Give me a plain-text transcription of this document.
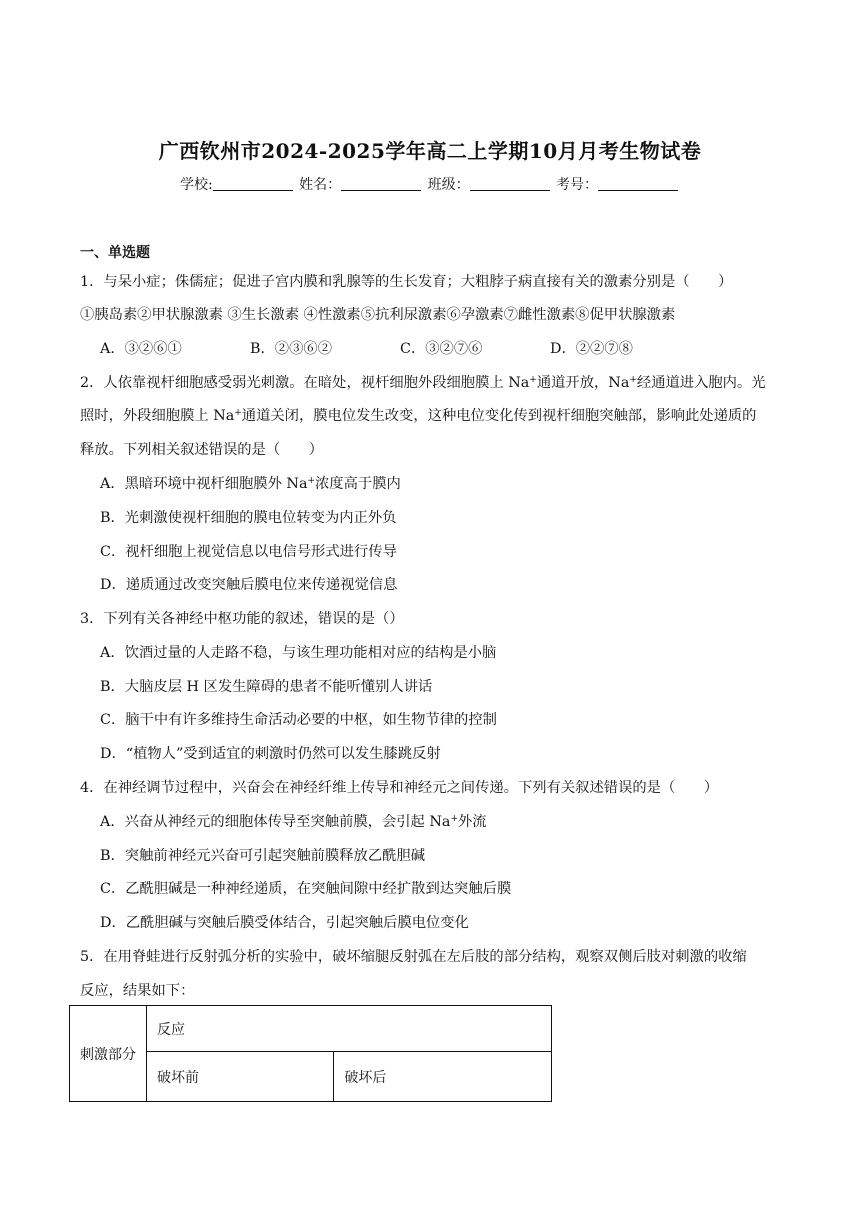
广西钦州市2024-2025学年高二上学期10月月考生物试卷
学校:	姓名：	班级：	考号：
一、单选题
1．与呆小症；侏儒症；促进子宫内膜和乳腺等的生长发育；大粗脖子病直接有关的激素分别是（　　）
①胰岛素②甲状腺激素 ③生长激素 ④性激素⑤抗利尿激素⑥孕激素⑦雌性激素⑧促甲状腺激素
A．③②⑥①	B．②③⑥②	C．③②⑦⑥	D．②②⑦⑧
2．人依靠视杆细胞感受弱光刺激。在暗处，视杆细胞外段细胞膜上 Na+通道开放，Na+经通道进入胞内。光
照时，外段细胞膜上 Na+通道关闭，膜电位发生改变，这种电位变化传到视杆细胞突触部，影响此处递质的
释放。下列相关叙述错误的是（　　）
A．黑暗环境中视杆细胞膜外 Na+浓度高于膜内
B．光刺激使视杆细胞的膜电位转变为内正外负
C．视杆细胞上视觉信息以电信号形式进行传导
D．递质通过改变突触后膜电位来传递视觉信息
3．下列有关各神经中枢功能的叙述，错误的是（）
A．饮酒过量的人走路不稳，与该生理功能相对应的结构是小脑
B．大脑皮层 H 区发生障碍的患者不能听懂别人讲话
C．脑干中有许多维持生命活动必要的中枢，如生物节律的控制
D．“植物人”受到适宜的刺激时仍然可以发生膝跳反射
4．在神经调节过程中，兴奋会在神经纤维上传导和神经元之间传递。下列有关叙述错误的是（　　）
A．兴奋从神经元的细胞体传导至突触前膜，会引起 Na+外流
B．突触前神经元兴奋可引起突触前膜释放乙酰胆碱
C．乙酰胆碱是一种神经递质，在突触间隙中经扩散到达突触后膜
D．乙酰胆碱与突触后膜受体结合，引起突触后膜电位变化
5．在用脊蛙进行反射弧分析的实验中，破坏缩腿反射弧在左后肢的部分结构，观察双侧后肢对刺激的收缩
反应，结果如下：
刺激部分	反应	
	破坏前	破坏后
